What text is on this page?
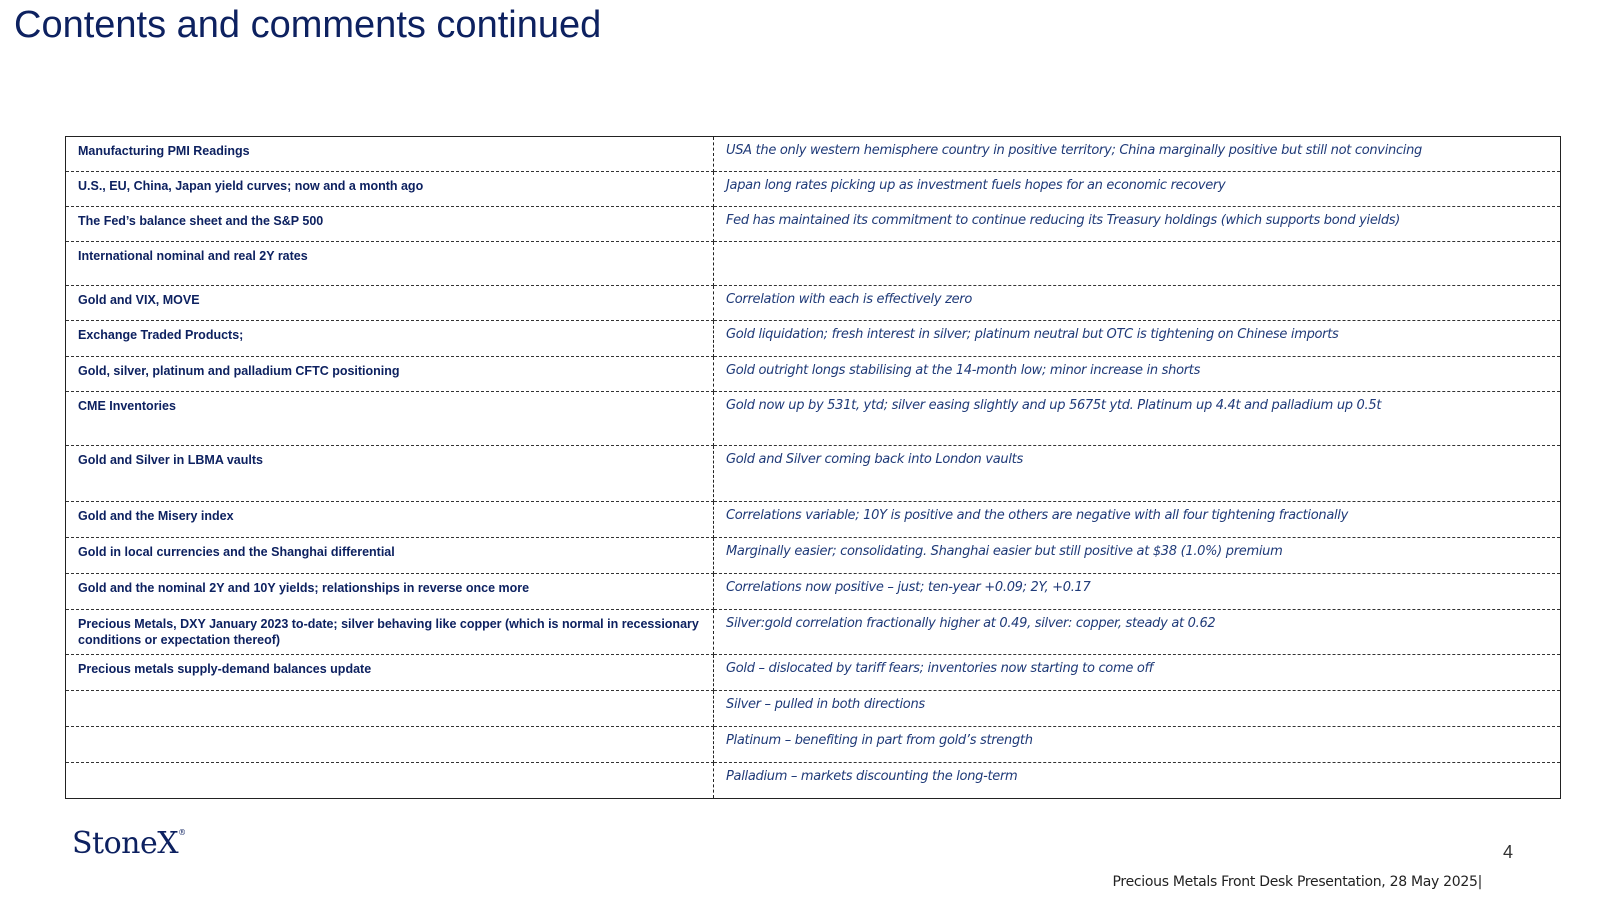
Contents and comments continued
Manufacturing PMI Readings	USA the only western hemisphere country in positive territory; China marginally positive but still not convincing
U.S., EU, China, Japan yield curves; now and a month ago	Japan long rates picking up as investment fuels hopes for an economic recovery
The Fed’s balance sheet and the S&P 500	Fed has maintained its commitment to continue reducing its Treasury holdings (which supports bond yields)
International nominal and real 2Y rates	
Gold and VIX, MOVE	Correlation with each is effectively zero
Exchange Traded Products;	Gold liquidation; fresh interest in silver; platinum neutral but OTC is tightening on Chinese imports
Gold, silver, platinum and palladium CFTC positioning	Gold outright longs stabilising at the 14-month low; minor increase in shorts
CME Inventories	Gold now up by 531t, ytd; silver easing slightly and up 5675t ytd. Platinum up 4.4t and palladium up 0.5t
Gold and Silver in LBMA vaults	Gold and Silver coming back into London vaults
Gold and the Misery index	Correlations variable; 10Y is positive and the others are negative with all four tightening fractionally
Gold in local currencies and the Shanghai differential	Marginally easier; consolidating. Shanghai easier but still positive at $38 (1.0%) premium
Gold and the nominal 2Y and 10Y yields; relationships in reverse once more	Correlations now positive – just; ten-year +0.09; 2Y, +0.17
Precious Metals, DXY January 2023 to-date; silver behaving like copper (which is normal in recessionary conditions or expectation thereof)	Silver:gold correlation fractionally higher at 0.49, silver: copper, steady at 0.62
Precious metals supply-demand balances update	Gold – dislocated by tariff fears; inventories now starting to come off
	Silver – pulled in both directions
	Platinum – benefiting in part from gold’s strength
	Palladium – markets discounting the long-term
StoneX®
4
Precious Metals Front Desk Presentation, 28 May 2025|
